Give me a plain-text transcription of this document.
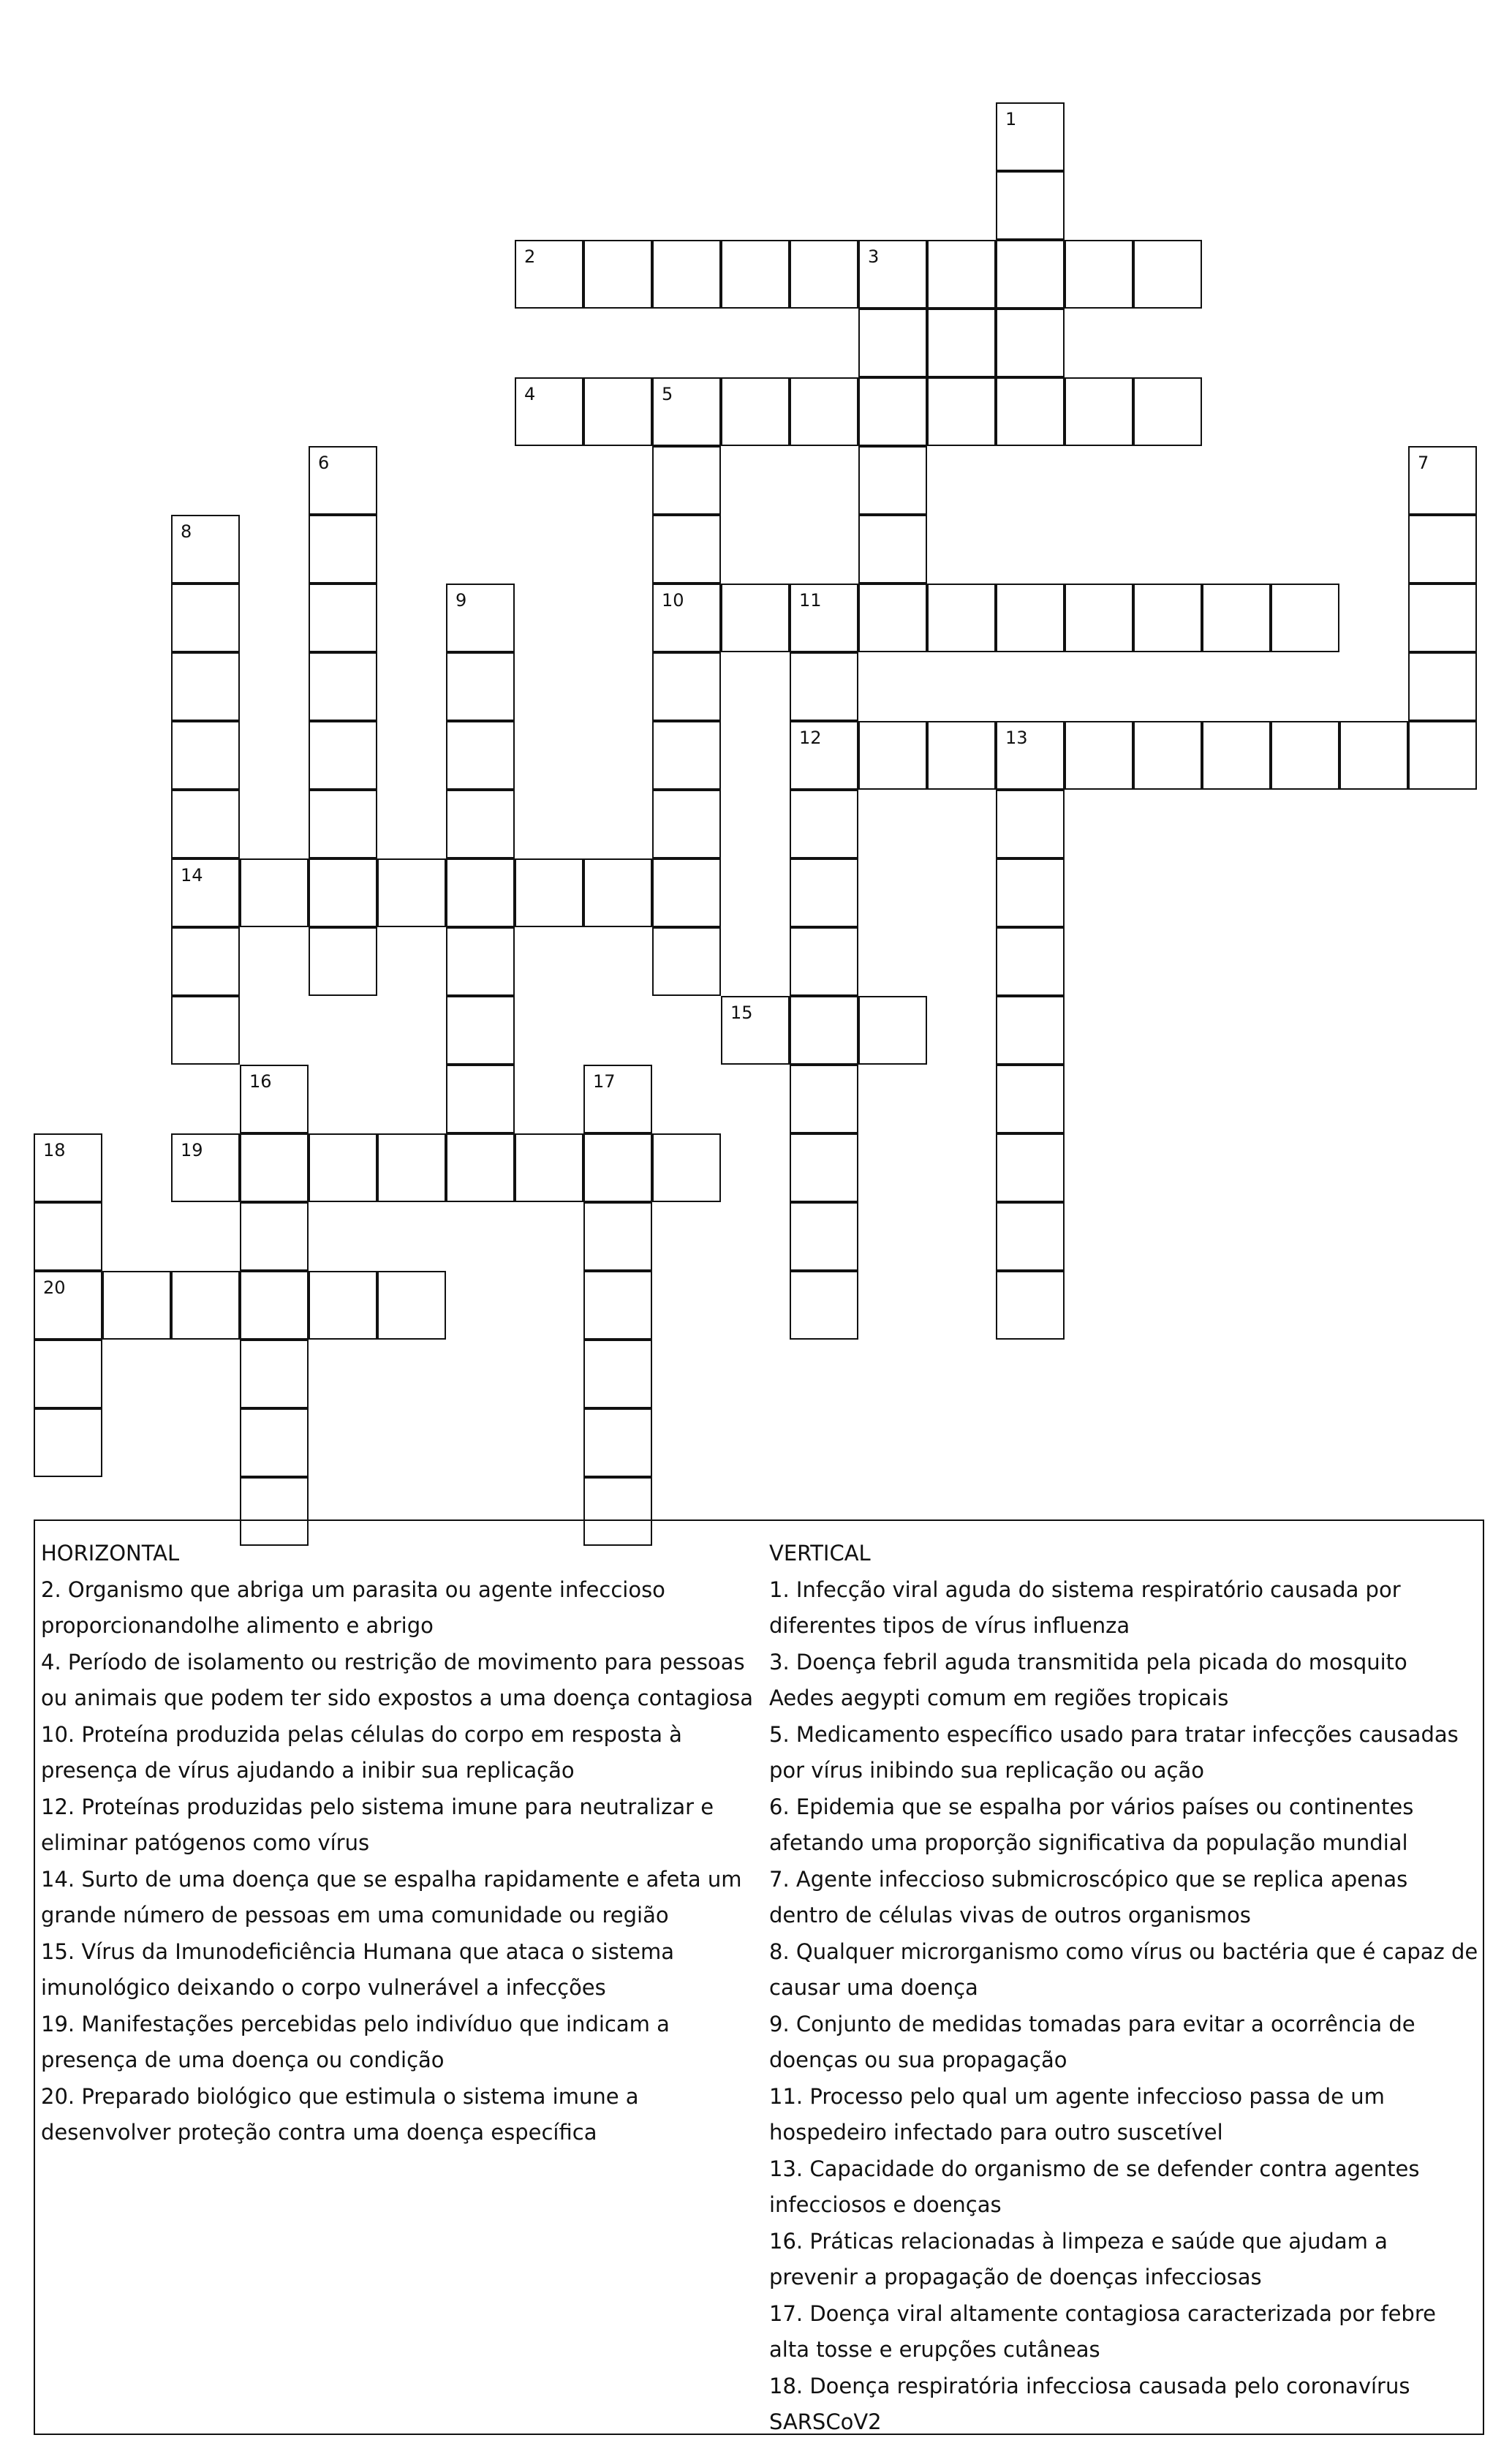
1
2	3
4	5
6	7
8
9	10	11
12	13
14
15
16	17
18	19
20
HORIZONTAL
2. Organismo que abriga um parasita ou agente infeccioso proporcionandolhe alimento e abrigo
4. Período de isolamento ou restrição de movimento para pessoas ou animais que podem ter sido expostos a uma doença contagiosa
10. Proteína produzida pelas células do corpo em resposta à presença de vírus ajudando a inibir sua replicação
12. Proteínas produzidas pelo sistema imune para neutralizar e eliminar patógenos como vírus
14. Surto de uma doença que se espalha rapidamente e afeta um grande número de pessoas em uma comunidade ou região
15. Vírus da Imunodeficiência Humana que ataca o sistema imunológico deixando o corpo vulnerável a infecções
19. Manifestações percebidas pelo indivíduo que indicam a presença de uma doença ou condição
20. Preparado biológico que estimula o sistema imune a desenvolver proteção contra uma doença específica
VERTICAL
1. Infecção viral aguda do sistema respiratório causada por diferentes tipos de vírus influenza
3. Doença febril aguda transmitida pela picada do mosquito Aedes aegypti comum em regiões tropicais
5. Medicamento específico usado para tratar infecções causadas por vírus inibindo sua replicação ou ação
6. Epidemia que se espalha por vários países ou continentes afetando uma proporção significativa da população mundial
7. Agente infeccioso submicroscópico que se replica apenas dentro de células vivas de outros organismos
8. Qualquer microrganismo como vírus ou bactéria que é capaz de causar uma doença
9. Conjunto de medidas tomadas para evitar a ocorrência de doenças ou sua propagação
11. Processo pelo qual um agente infeccioso passa de um hospedeiro infectado para outro suscetível
13. Capacidade do organismo de se defender contra agentes infecciosos e doenças
16. Práticas relacionadas à limpeza e saúde que ajudam a prevenir a propagação de doenças infecciosas
17. Doença viral altamente contagiosa caracterizada por febre alta tosse e erupções cutâneas
18. Doença respiratória infecciosa causada pelo coronavírus SARSCoV2
